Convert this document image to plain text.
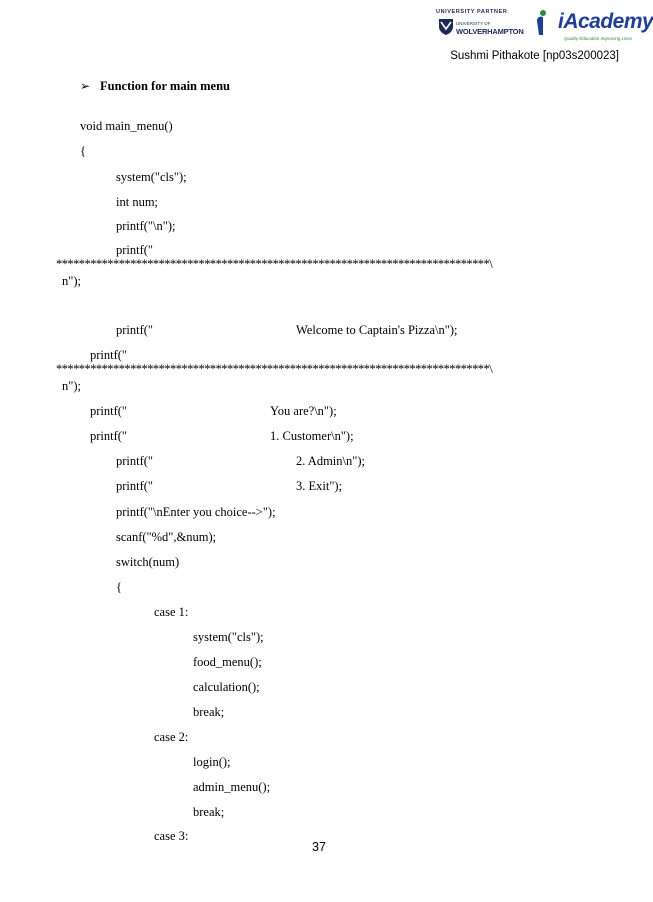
UNIVERSITY PARTNER
UNIVERSITY OF
WOLVERHAMPTON iAcademy
Quality Education Improving Lives
Sushmi Pithakote [np03s200023]
➢ Function for main menu
void main_menu()
{
system("cls");
int num;
printf("\n");
printf("
****************************************************************************\
n");
printf("	Welcome to Captain's Pizza\n");
printf("
****************************************************************************\
n");
printf("	You are?\n");
printf("	1. Customer\n");
printf("	2. Admin\n");
printf("	3. Exit");
printf("\nEnter you choice-->");
scanf("%d",&num);
switch(num)
{
case 1:
system("cls");
food_menu();
calculation();
break;
case 2:
login();
admin_menu();
break;
case 3:
37
